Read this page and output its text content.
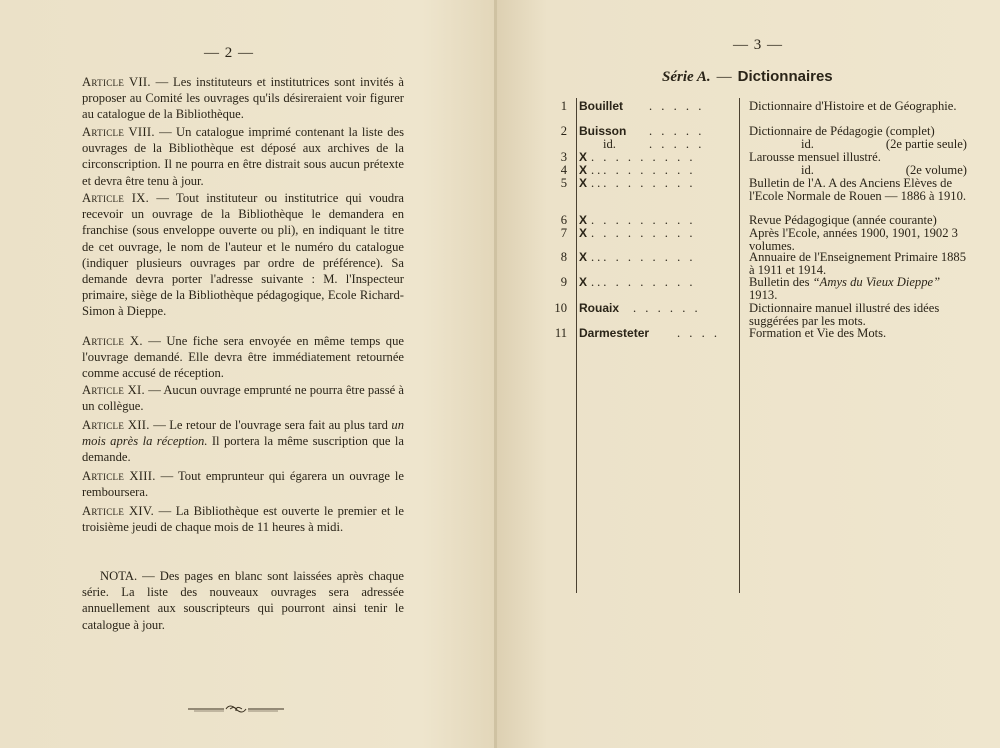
— 2 —

Article VII. — Les instituteurs et institutrices sont invités à proposer au Comité les ouvrages qu'ils désireraient voir figurer au catalogue de la Bibliothèque.

Article VIII. — Un catalogue imprimé contenant la liste des ouvrages de la Bibliothèque est déposé aux archives de la circonscription. Il ne pourra en être distrait sous aucun prétexte et devra être tenu à jour.

Article IX. — Tout instituteur ou institutrice qui voudra recevoir un ouvrage de la Bibliothèque le demandera en franchise (sous enveloppe ouverte ou pli), en indiquant le titre de cet ouvrage, le nom de l'auteur et le numéro du catalogue (indiquer plusieurs ouvrages par ordre de préférence). Sa demande devra porter l'adresse suivante : M. l'Inspecteur primaire, siège de la Bibliothèque pédagogique, Ecole Richard-Simon à Dieppe.

Article X. — Une fiche sera envoyée en même temps que l'ouvrage demandé. Elle devra être immédiatement retournée comme accusé de réception.

Article XI. — Aucun ouvrage emprunté ne pourra être passé à un collègue.

Article XII. — Le retour de l'ouvrage sera fait au plus tard un mois après la réception. Il portera la même suscription que la demande.

Article XIII. — Tout emprunteur qui égarera un ouvrage le remboursera.

Article XIV. — La Bibliothèque est ouverte le premier et le troisième jeudi de chaque mois de 11 heures à midi.

NOTA. — Des pages en blanc sont laissées après chaque série. La liste des nouveaux ouvrages sera adressée annuellement aux souscripteurs qui pourront ainsi tenir le catalogue à jour.

— 3 —
Série A. — Dictionnaires
1 Bouillet . . . . .	Dictionnaire d'Histoire et de Géographie.
2 Buisson . . . . .	Dictionnaire de Pédagogie (complet)
id.	. . . . .	id.	(2e partie seule)
3 X . . . . . . . . .	Larousse mensuel illustré.
4 X ... . . . . . . .	id.	(2e volume)
5 X ... . . . . . . .	Bulletin de l'A. A des Anciens Elèves de l'Ecole Normale de Rouen — 1886 à 1910.
6 X . . . . . . . . .	Revue Pédagogique (année courante)
7 X . . . . . . . . .	Après l'Ecole, années 1900, 1901, 1902 3 volumes.
8 X ... . . . . . . .	Annuaire de l'Enseignement Primaire 1885 à 1911 et 1914.
9 X ... . . . . . . .	Bulletin des “Amys du Vieux Dieppe” 1913.
10 Rouaix . . . . . .	Dictionnaire manuel illustré des idées suggérées par les mots.
11 Darmesteter . . . . Formation et Vie des Mots.
